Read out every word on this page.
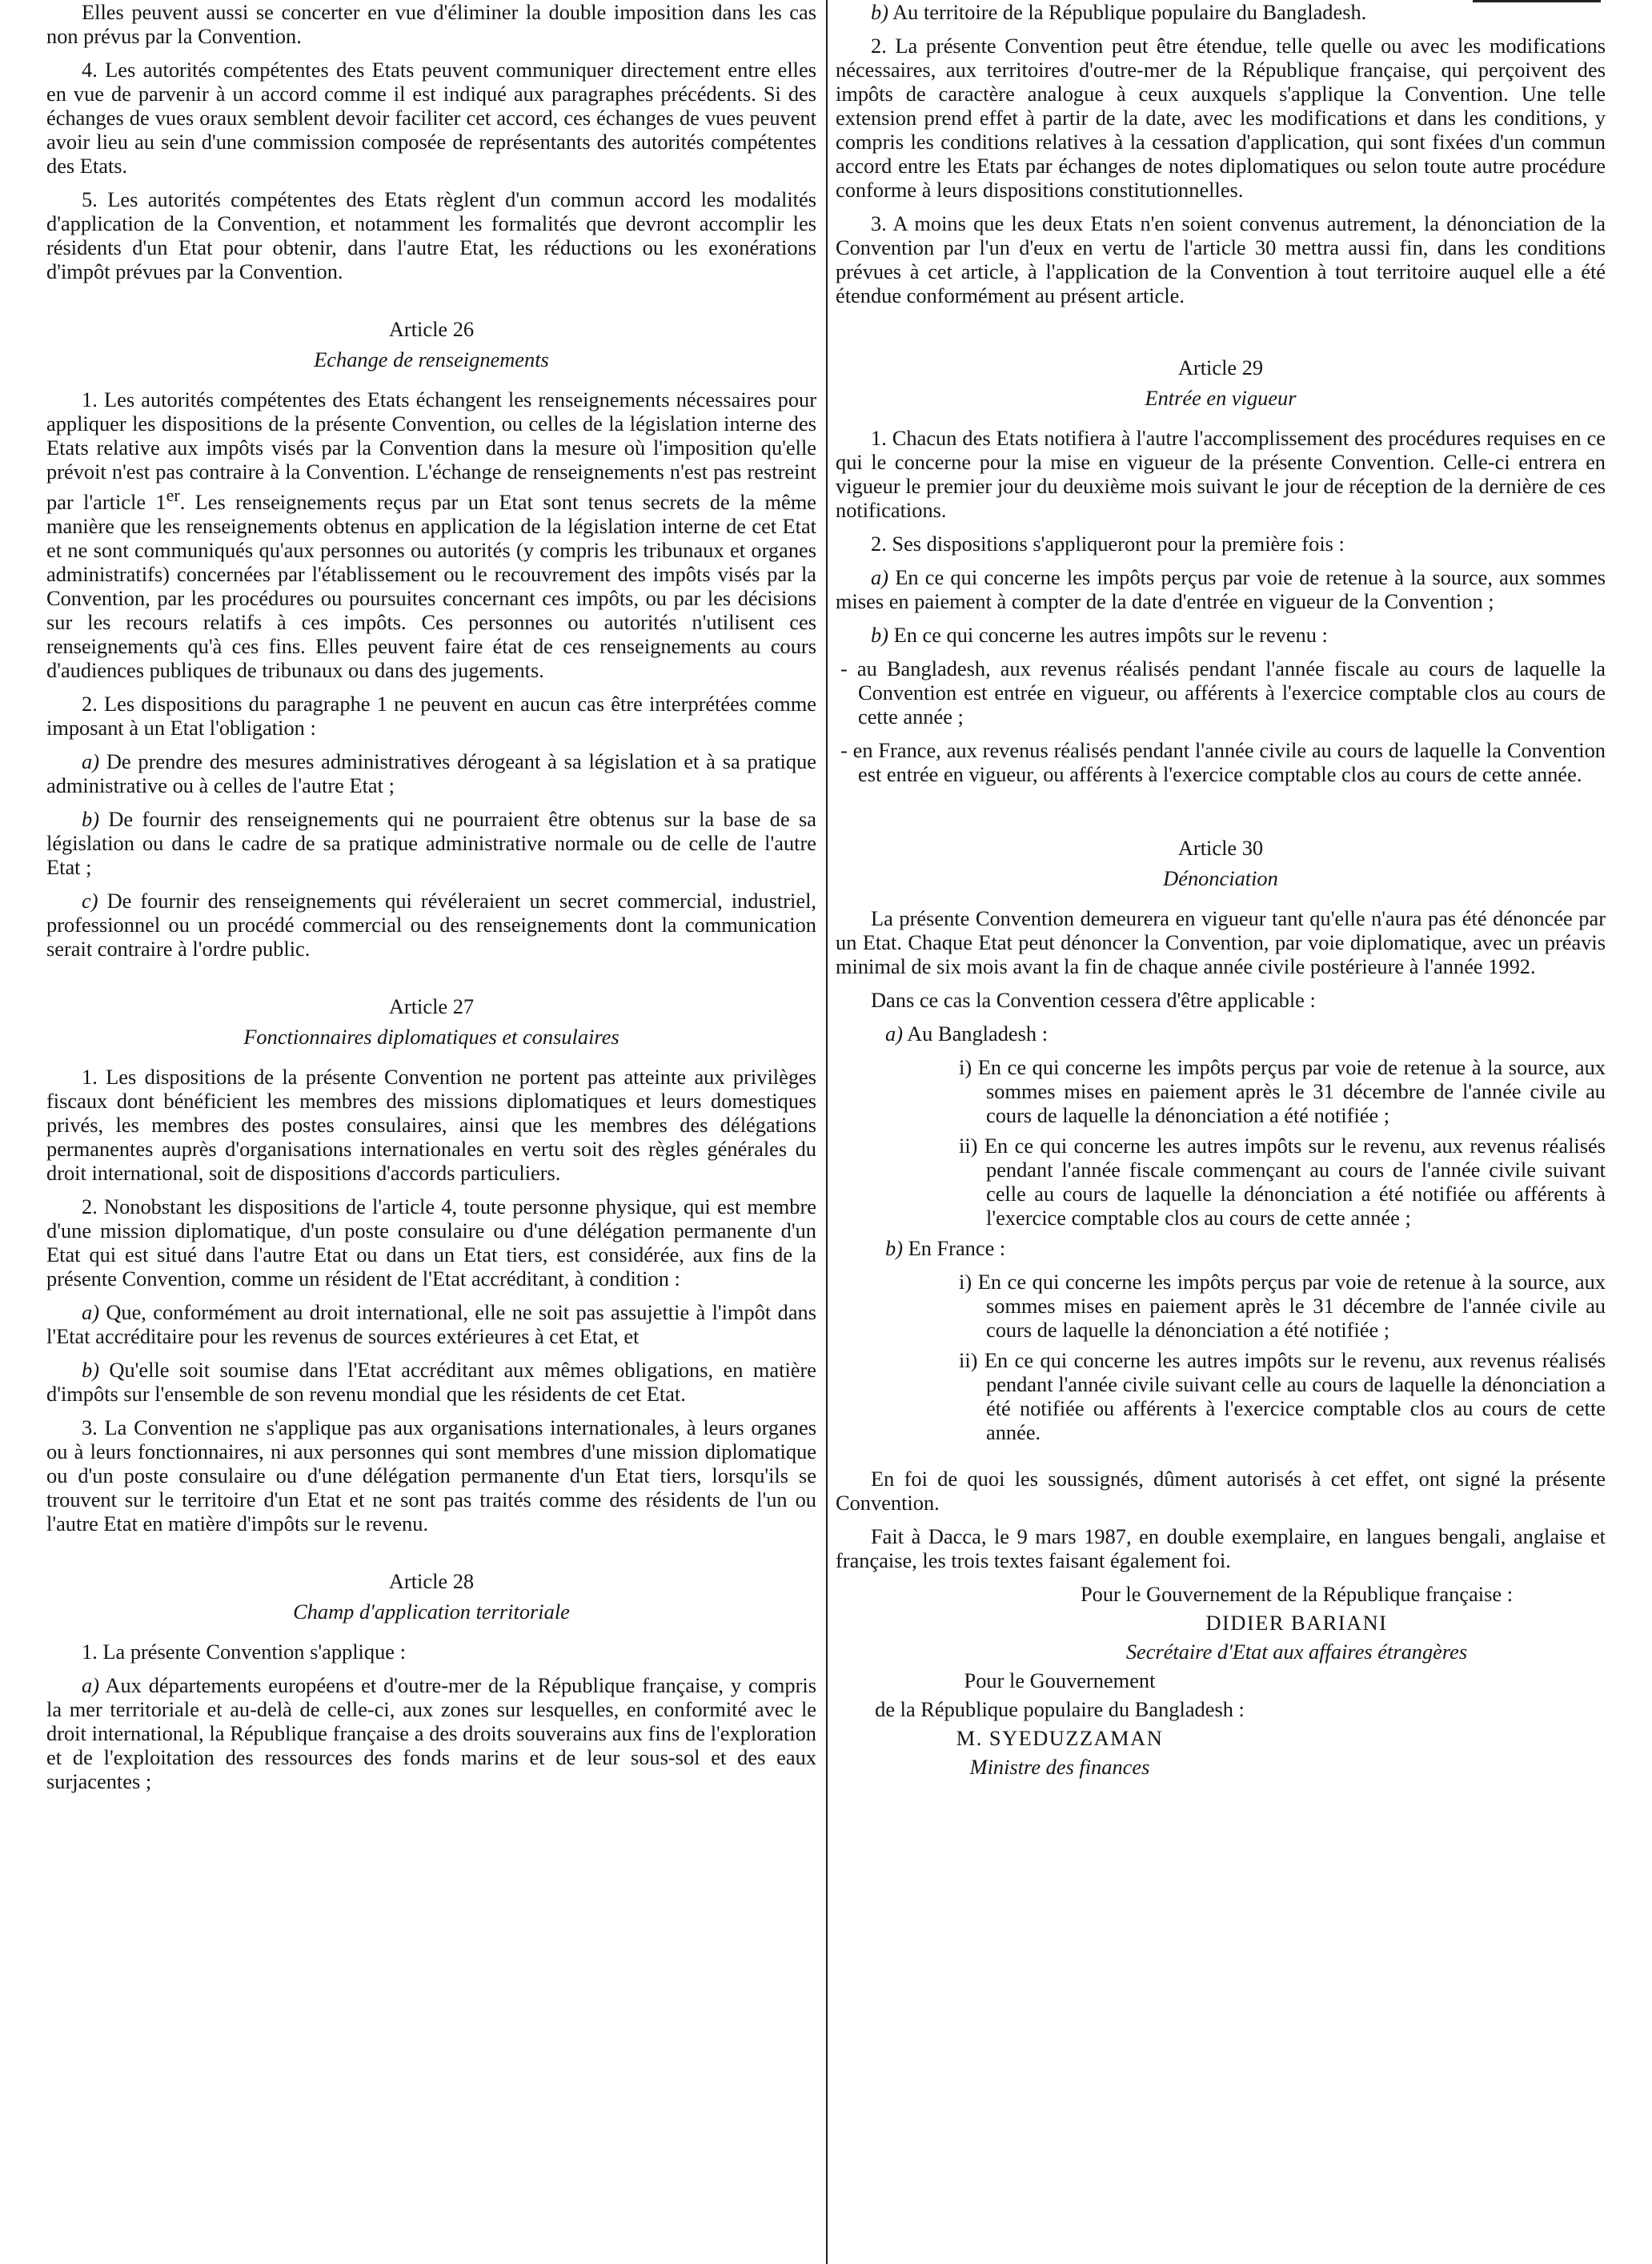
Elles peuvent aussi se concerter en vue d'éliminer la double imposition dans les cas non prévus par la Convention.

4. Les autorités compétentes des Etats peuvent communiquer directement entre elles en vue de parvenir à un accord comme il est indiqué aux paragraphes précédents. Si des échanges de vues oraux semblent devoir faciliter cet accord, ces échanges de vues peuvent avoir lieu au sein d'une commission composée de représentants des autorités compétentes des Etats.

5. Les autorités compétentes des Etats règlent d'un commun accord les modalités d'application de la Convention, et notamment les formalités que devront accomplir les résidents d'un Etat pour obtenir, dans l'autre Etat, les réductions ou les exonérations d'impôt prévues par la Convention.

Article 26
Echange de renseignements

1. Les autorités compétentes des Etats échangent les renseignements nécessaires pour appliquer les dispositions de la présente Convention, ou celles de la législation interne des Etats relative aux impôts visés par la Convention dans la mesure où l'imposition qu'elle prévoit n'est pas contraire à la Convention. L'échange de renseignements n'est pas restreint par l'article 1er. Les renseignements reçus par un Etat sont tenus secrets de la même manière que les renseignements obtenus en application de la législation interne de cet Etat et ne sont communiqués qu'aux personnes ou autorités (y compris les tribunaux et organes administratifs) concernées par l'établissement ou le recouvrement des impôts visés par la Convention, par les procédures ou poursuites concernant ces impôts, ou par les décisions sur les recours relatifs à ces impôts. Ces personnes ou autorités n'utilisent ces renseignements qu'à ces fins. Elles peuvent faire état de ces renseignements au cours d'audiences publiques de tribunaux ou dans des jugements.

2. Les dispositions du paragraphe 1 ne peuvent en aucun cas être interprétées comme imposant à un Etat l'obligation :

a) De prendre des mesures administratives dérogeant à sa législation et à sa pratique administrative ou à celles de l'autre Etat ;

b) De fournir des renseignements qui ne pourraient être obtenus sur la base de sa législation ou dans le cadre de sa pratique administrative normale ou de celle de l'autre Etat ;

c) De fournir des renseignements qui révéleraient un secret commercial, industriel, professionnel ou un procédé commercial ou des renseignements dont la communication serait contraire à l'ordre public.

Article 27
Fonctionnaires diplomatiques et consulaires

1. Les dispositions de la présente Convention ne portent pas atteinte aux privilèges fiscaux dont bénéficient les membres des missions diplomatiques et leurs domestiques privés, les membres des postes consulaires, ainsi que les membres des délégations permanentes auprès d'organisations internationales en vertu soit des règles générales du droit international, soit de dispositions d'accords particuliers.

2. Nonobstant les dispositions de l'article 4, toute personne physique, qui est membre d'une mission diplomatique, d'un poste consulaire ou d'une délégation permanente d'un Etat qui est situé dans l'autre Etat ou dans un Etat tiers, est considérée, aux fins de la présente Convention, comme un résident de l'Etat accréditant, à condition :

a) Que, conformément au droit international, elle ne soit pas assujettie à l'impôt dans l'Etat accréditaire pour les revenus de sources extérieures à cet Etat, et

b) Qu'elle soit soumise dans l'Etat accréditant aux mêmes obligations, en matière d'impôts sur l'ensemble de son revenu mondial que les résidents de cet Etat.

3. La Convention ne s'applique pas aux organisations internationales, à leurs organes ou à leurs fonctionnaires, ni aux personnes qui sont membres d'une mission diplomatique ou d'un poste consulaire ou d'une délégation permanente d'un Etat tiers, lorsqu'ils se trouvent sur le territoire d'un Etat et ne sont pas traités comme des résidents de l'un ou l'autre Etat en matière d'impôts sur le revenu.

Article 28
Champ d'application territoriale

1. La présente Convention s'applique :

a) Aux départements européens et d'outre-mer de la République française, y compris la mer territoriale et au-delà de celle-ci, aux zones sur lesquelles, en conformité avec le droit international, la République française a des droits souverains aux fins de l'exploration et de l'exploitation des ressources des fonds marins et de leur sous-sol et des eaux surjacentes ;

b) Au territoire de la République populaire du Bangladesh.

2. La présente Convention peut être étendue, telle quelle ou avec les modifications nécessaires, aux territoires d'outre-mer de la République française, qui perçoivent des impôts de caractère analogue à ceux auxquels s'applique la Convention. Une telle extension prend effet à partir de la date, avec les modifications et dans les conditions, y compris les conditions relatives à la cessation d'application, qui sont fixées d'un commun accord entre les Etats par échanges de notes diplomatiques ou selon toute autre procédure conforme à leurs dispositions constitutionnelles.

3. A moins que les deux Etats n'en soient convenus autrement, la dénonciation de la Convention par l'un d'eux en vertu de l'article 30 mettra aussi fin, dans les conditions prévues à cet article, à l'application de la Convention à tout territoire auquel elle a été étendue conformément au présent article.

Article 29
Entrée en vigueur

1. Chacun des Etats notifiera à l'autre l'accomplissement des procédures requises en ce qui le concerne pour la mise en vigueur de la présente Convention. Celle-ci entrera en vigueur le premier jour du deuxième mois suivant le jour de réception de la dernière de ces notifications.

2. Ses dispositions s'appliqueront pour la première fois :

a) En ce qui concerne les impôts perçus par voie de retenue à la source, aux sommes mises en paiement à compter de la date d'entrée en vigueur de la Convention ;

b) En ce qui concerne les autres impôts sur le revenu :

- au Bangladesh, aux revenus réalisés pendant l'année fiscale au cours de laquelle la Convention est entrée en vigueur, ou afférents à l'exercice comptable clos au cours de cette année ;

- en France, aux revenus réalisés pendant l'année civile au cours de laquelle la Convention est entrée en vigueur, ou afférents à l'exercice comptable clos au cours de cette année.

Article 30
Dénonciation

La présente Convention demeurera en vigueur tant qu'elle n'aura pas été dénoncée par un Etat. Chaque Etat peut dénoncer la Convention, par voie diplomatique, avec un préavis minimal de six mois avant la fin de chaque année civile postérieure à l'année 1992.

Dans ce cas la Convention cessera d'être applicable :

a) Au Bangladesh :

i) En ce qui concerne les impôts perçus par voie de retenue à la source, aux sommes mises en paiement après le 31 décembre de l'année civile au cours de laquelle la dénonciation a été notifiée ;

ii) En ce qui concerne les autres impôts sur le revenu, aux revenus réalisés pendant l'année fiscale commençant au cours de l'année civile suivant celle au cours de laquelle la dénonciation a été notifiée ou afférents à l'exercice comptable clos au cours de cette année ;

b) En France :

i) En ce qui concerne les impôts perçus par voie de retenue à la source, aux sommes mises en paiement après le 31 décembre de l'année civile au cours de laquelle la dénonciation a été notifiée ;

ii) En ce qui concerne les autres impôts sur le revenu, aux revenus réalisés pendant l'année civile suivant celle au cours de laquelle la dénonciation a été notifiée ou afférents à l'exercice comptable clos au cours de cette année.

En foi de quoi les soussignés, dûment autorisés à cet effet, ont signé la présente Convention.

Fait à Dacca, le 9 mars 1987, en double exemplaire, en langues bengali, anglaise et française, les trois textes faisant également foi.

Pour le Gouvernement de la République française :
DIDIER BARIANI
Secrétaire d'Etat aux affaires étrangères
Pour le Gouvernement
de la République populaire du Bangladesh :
M. SYEDUZZAMAN
Ministre des finances
